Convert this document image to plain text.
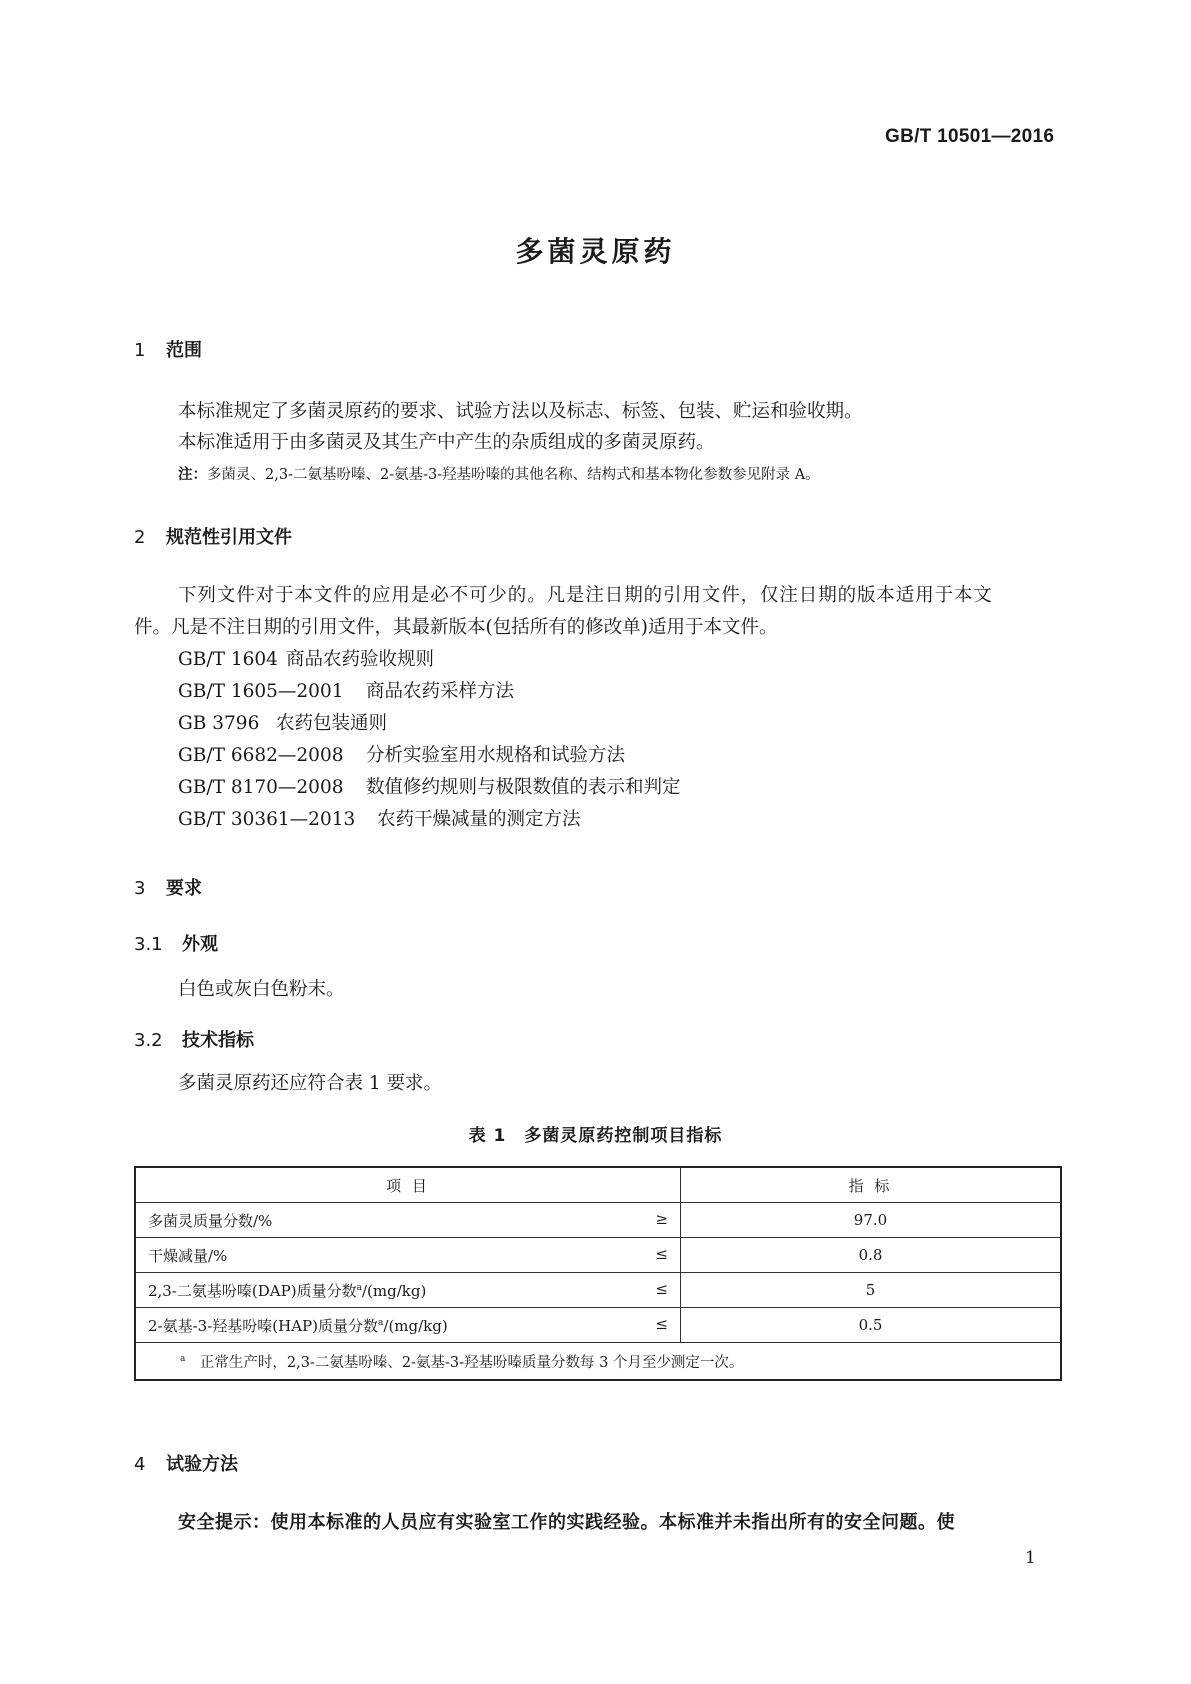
GB/T 10501—2016
多菌灵原药
1 范围
本标准规定了多菌灵原药的要求、试验方法以及标志、标签、包装、贮运和验收期。
本标准适用于由多菌灵及其生产中产生的杂质组成的多菌灵原药。
注：多菌灵、2,3-二氨基吩嗪、2-氨基-3-羟基吩嗪的其他名称、结构式和基本物化参数参见附录 A。
2 规范性引用文件
下列文件对于本文件的应用是必不可少的。凡是注日期的引用文件，仅注日期的版本适用于本文
件。凡是不注日期的引用文件，其最新版本(包括所有的修改单)适用于本文件。
GB/T 1604 商品农药验收规则
GB/T 1605—2001 商品农药采样方法
GB 3796 农药包装通则
GB/T 6682—2008 分析实验室用水规格和试验方法
GB/T 8170—2008 数值修约规则与极限数值的表示和判定
GB/T 30361—2013 农药干燥减量的测定方法
3 要求
3.1 外观
白色或灰白色粉末。
3.2 技术指标
多菌灵原药还应符合表 1 要求。
表 1　多菌灵原药控制项目指标
项 目	指 标

多菌灵质量分数/% ≥	97.0

干燥减量/% ≤	0.8

2,3-二氨基吩嗪(DAP)质量分数$^a$/(mg/kg) ≤	5

2-氨基-3-羟基吩嗪(HAP)质量分数$^a$/(mg/kg) ≤	0.5
$^a$  正常生产时，2,3-二氨基吩嗪、2-氨基-3-羟基吩嗪质量分数每 3 个月至少测定一次。	
4 试验方法
安全提示：使用本标准的人员应有实验室工作的实践经验。本标准并未指出所有的安全问题。使
1
